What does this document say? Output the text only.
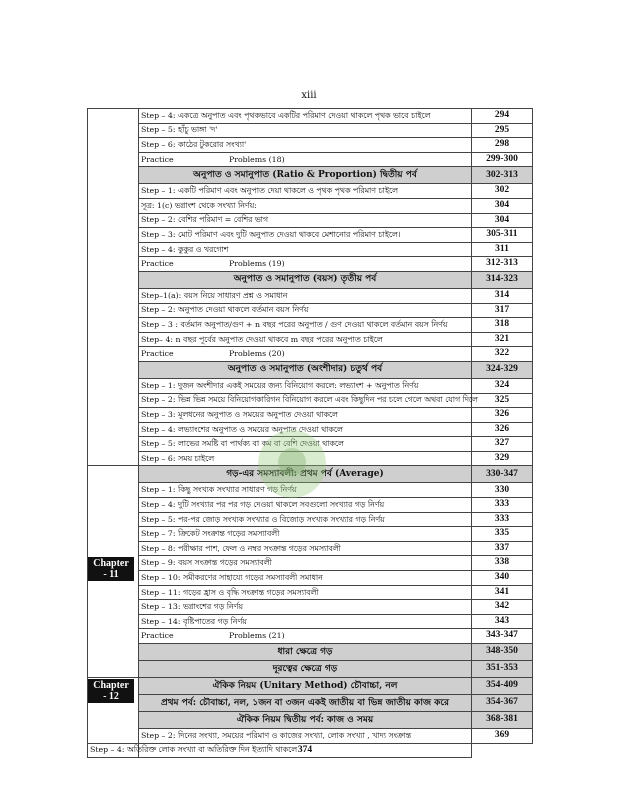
xiii
	Step – 4: একত্রে অনুপাত এবং পৃথকভাবে একটির পরিমাণ দেওয়া থাকলে পৃথক ভাবে চাইলে	294
	Step – 5: হাঁচু ভাঙ্গা 'দ'	295
	Step – 6: কাঠের টুকরোর সংখ্যা'	298

	Practice Problems (18)	299-300
	অনুপাত ও সমানুপাত (Ratio & Proportion) দ্বিতীয় পর্ব	302-313
	Step – 1: একটি পরিমাণ এবং অনুপাত দেয়া থাকলে ও পৃথক পৃথক পরিমাণ চাইলে	302
	সূত্র: 1(c) ভগ্নাংশ থেকে সংখ্যা নির্ণয়:	304
	Step – 2: বেশির পরিমাণ = বেশির ভাগ	304
	Step – 3: মোট পরিমাণ এবং দুটি অনুপাত দেওয়া থাকবে মেশানোর পরিমাণ চাইলে।	305-311
	Step – 4: কুকুর ও খরগোশ	311

	Practice Problems (19)	312-313
	অনুপাত ও সমানুপাত (বয়স) তৃতীয় পর্ব	314-323
	Step–1(a): বয়স নিয়ে সাধারণ প্রশ্ন ও সমাধান	314
	Step – 2: অনুপাত দেওয়া থাকলে বর্তমান বয়স নির্ণয়	317
	Step – 3 : বর্তমান অনুপাত/গুণ + n বছর পরের অনুপাত / গুণ দেওয়া থাকলে বর্তমান বয়স নির্ণয়	318
	Step– 4: n বছর পূর্বের অনুপাত দেওয়া থাকবে m বছর পরের অনুপাত চাইলে	321

	Practice Problems (20)	322
	অনুপাত ও সমানুপাত (অংশীদার) চতুর্থ পর্ব	324-329
	Step – 1: দুজন অংশীদার একই সময়ের জন্য বিনিয়োগ করলে: লভ্যাংশ + অনুপাত নির্ণয়	324
	Step – 2: ভিন্ন ভিন্ন সময়ে বিনিয়োগকারিগন বিনিয়োগ করলে এবং কিছুদিন পর চলে গেলে অথবা যোগ দিলে	325
	Step – 3: মূলধনের অনুপাত ও সময়ের অনুপাত দেওয়া থাকলে	326
	Step – 4: লভ্যাংশের অনুপাত ও সময়ের অনুপাত দেওয়া থাকলে	326
	Step – 5: লাভের সমষ্টি বা পার্থক্য বা কম বা বেশি দেওয়া থাকলে	327
	Step – 6: সময় চাইলে	329

Chapter
- 11	গড়-এর সমস্যাবলী: প্রথম পর্ব (Average)	330-347
	Step – 1: কিছু সংখ্যক সংখ্যার সাধারণ গড় নির্ণয়	330
	Step – 4: দুটি সংখ্যার পর পর গড় দেওয়া থাকলে সবগুলো সংখ্যার গড় নির্ণয়	333
	Step – 5: পর-পর জোড় সংখ্যক সংখ্যার ও বিজোড় সংখ্যক সংখ্যার গড় নির্ণয়	333
	Step – 7: ক্রিকেট সংক্রান্ত গড়ের সমস্যাবলী	335
	Step – 8: পরীক্ষার পাশ, ফেল ও নম্বর সংক্রান্ত গড়ের সমস্যাবলী	337
	Step – 9: বয়স সংক্রান্ত গড়ের সমস্যাবলী	338
	Step – 10: সমীকরণের সাহায্যে গড়ের সমস্যাবলী সমাধান	340
	Step – 11: গড়ের হ্রাস ও বৃদ্ধি সংক্রান্ত গড়ের সমস্যাবলী	341
	Step – 13: ভগ্নাংশের গড় নির্ণয়	342
	Step – 14: বৃষ্টিপাতের গড় নির্ণয়	343

	Practice Problems (21)	343-347
	ধারা ক্ষেত্রে গড়	348-350
	দূরত্বের ক্ষেত্রে গড়	351-353

Chapter
- 12	ঐকিক নিয়ম (Unitary Method) চৌবাচ্চা, নল	354-409
	প্রথম পর্ব: চৌবাচ্চা, নল, ১জন বা ৩জন একই জাতীয় বা ভিন্ন জাতীয় কাজ করে	354-367
	ঐকিক নিয়ম দ্বিতীয় পর্ব: কাজ ও সময়	368-381
	Step – 2: দিনের সংখ্যা, সময়ের পরিমাণ ও কাজের সংখ্যা, লোক সংখ্যা , খাদ্য সংক্রান্ত	369
Step – 4: অতিরিক্ত লোক সংখ্যা বা অতিরিক্ত দিন ইত্যাদি থাকলে	374	
